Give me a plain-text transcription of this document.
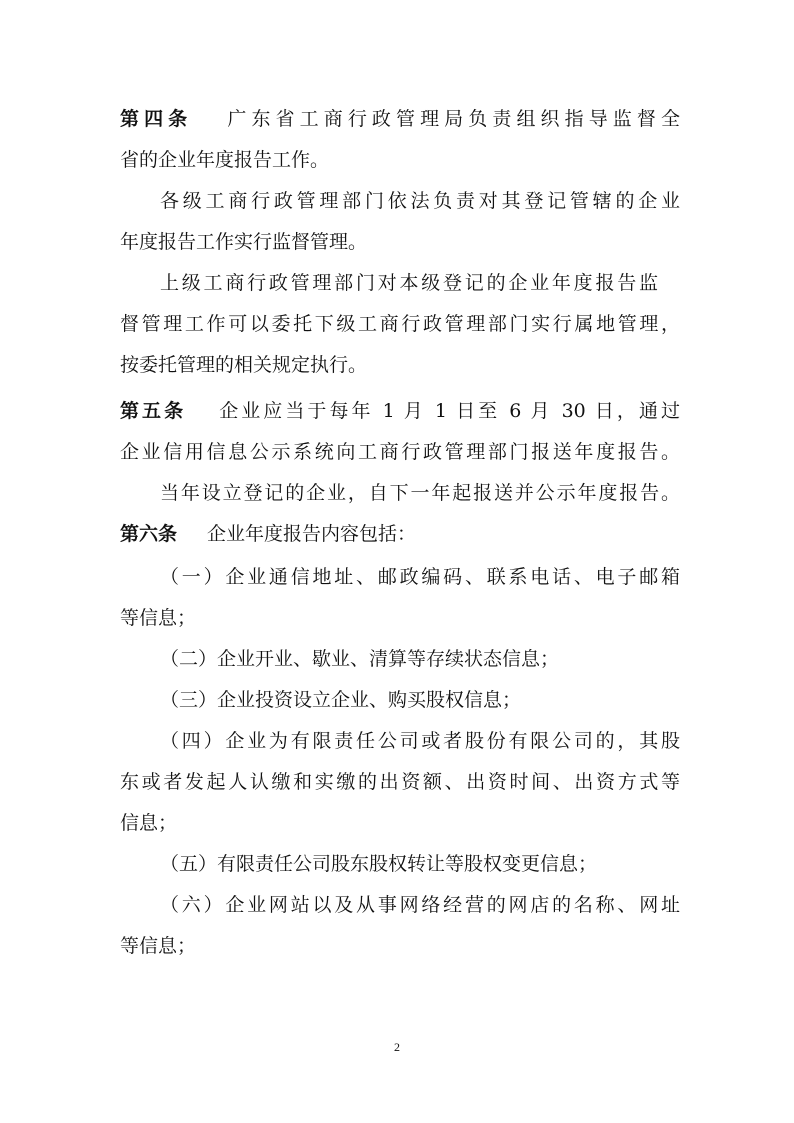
第四条 广东省工商行政管理局负责组织指导监督全
省的企业年度报告工作。
各级工商行政管理部门依法负责对其登记管辖的企业
年度报告工作实行监督管理。
上级工商行政管理部门对本级登记的企业年度报告监
督管理工作可以委托下级工商行政管理部门实行属地管理，
按委托管理的相关规定执行。
第五条 企业应当于每年 1 月 1 日至 6 月 30 日，通过
企业信用信息公示系统向工商行政管理部门报送年度报告。
当年设立登记的企业，自下一年起报送并公示年度报告。
第六条 企业年度报告内容包括：
（一）企业通信地址、邮政编码、联系电话、电子邮箱
等信息；
（二）企业开业、歇业、清算等存续状态信息；
（三）企业投资设立企业、购买股权信息；
（四）企业为有限责任公司或者股份有限公司的，其股
东或者发起人认缴和实缴的出资额、出资时间、出资方式等
信息；
（五）有限责任公司股东股权转让等股权变更信息；
（六）企业网站以及从事网络经营的网店的名称、网址
等信息；
2
